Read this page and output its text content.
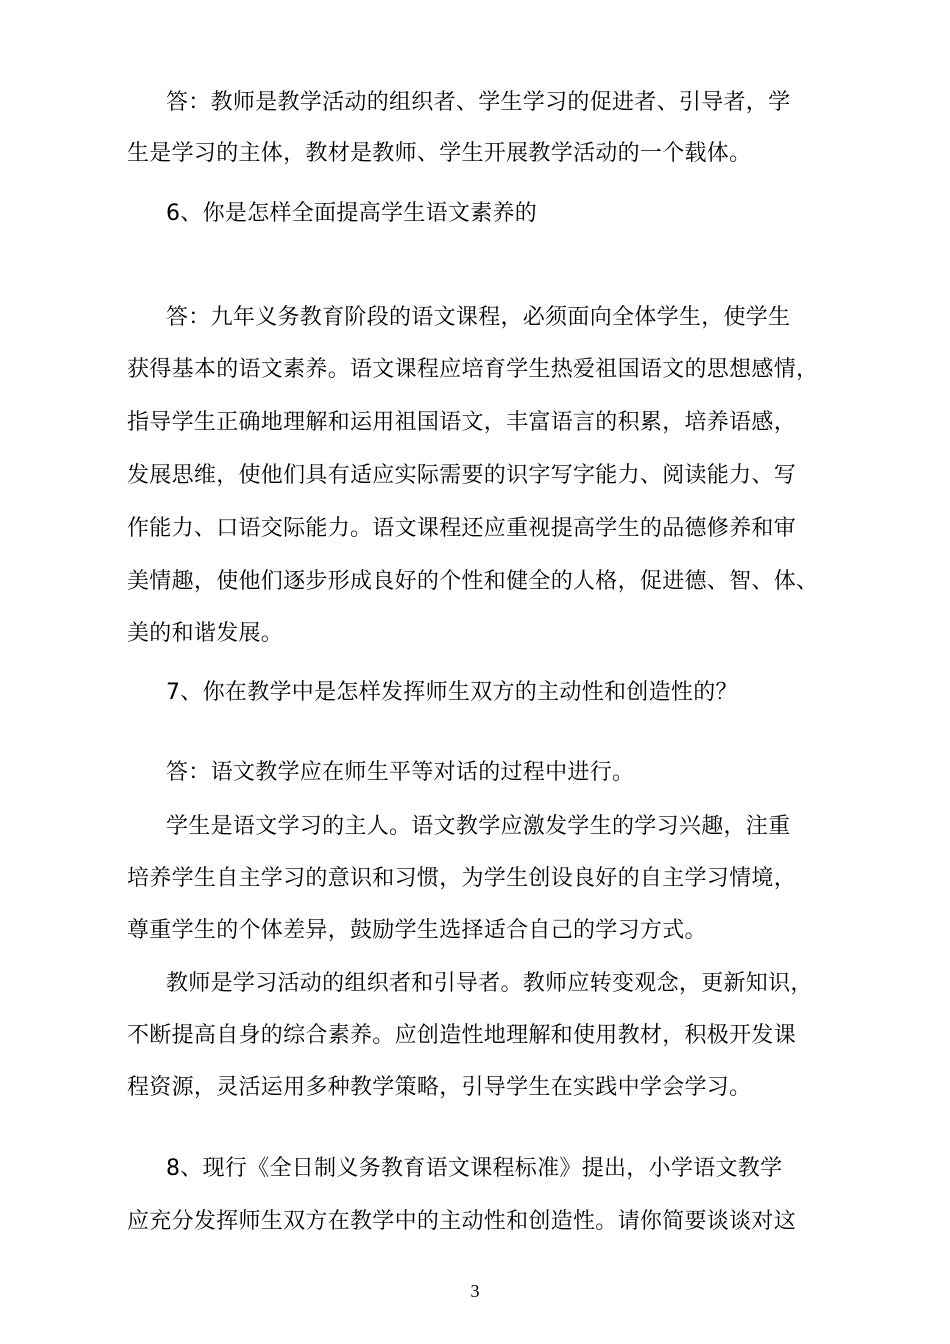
答：教师是教学活动的组织者、学生学习的促进者、引导者，学
生是学习的主体，教材是教师、学生开展教学活动的一个载体。
6、你是怎样全面提高学生语文素养的
答：九年义务教育阶段的语文课程，必须面向全体学生，使学生
获得基本的语文素养。语文课程应培育学生热爱祖国语文的思想感情，
指导学生正确地理解和运用祖国语文，丰富语言的积累，培养语感，
发展思维，使他们具有适应实际需要的识字写字能力、阅读能力、写
作能力、口语交际能力。语文课程还应重视提高学生的品德修养和审
美情趣，使他们逐步形成良好的个性和健全的人格，促进德、智、体、
美的和谐发展。
7、你在教学中是怎样发挥师生双方的主动性和创造性的？
答：语文教学应在师生平等对话的过程中进行。
学生是语文学习的主人。语文教学应激发学生的学习兴趣，注重
培养学生自主学习的意识和习惯，为学生创设良好的自主学习情境，
尊重学生的个体差异，鼓励学生选择适合自己的学习方式。
教师是学习活动的组织者和引导者。教师应转变观念，更新知识，
不断提高自身的综合素养。应创造性地理解和使用教材，积极开发课
程资源，灵活运用多种教学策略，引导学生在实践中学会学习。
8、现行《全日制义务教育语文课程标准》提出，小学语文教学
应充分发挥师生双方在教学中的主动性和创造性。请你简要谈谈对这
3
